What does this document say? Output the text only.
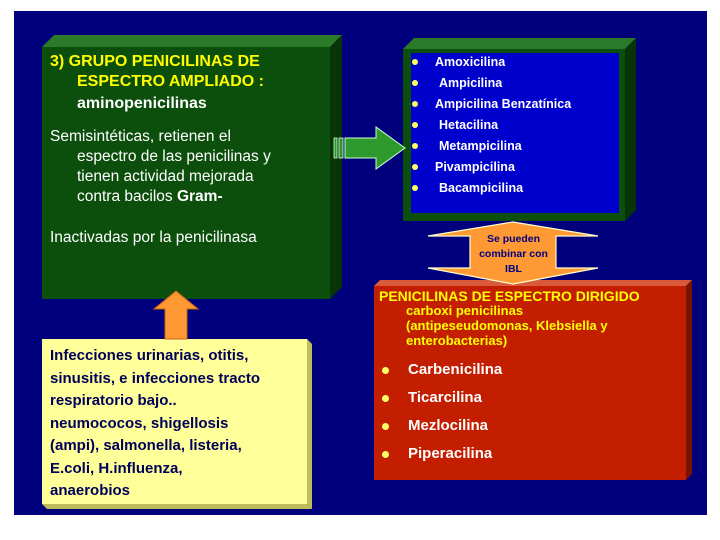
3) GRUPO PENICILINAS DE
ESPECTRO AMPLIADO :
aminopenicilinas
Semisintéticas, retienen el
espectro de las penicilinas y
tienen actividad mejorada
contra bacilos Gram-
Inactivadas por la penicilinasa
Amoxicilina
Ampicilina
Ampicilina Benzatínica
Hetacilina
Metampicilina
Pivampicilina
Bacampicilina
PENICILINAS DE ESPECTRO DIRIGIDO
carboxi penicilinas
(antipeseudomonas, Klebsiella y
enterobacterias)
Carbenicilina
Ticarcilina
Mezlocilina
Piperacilina
Infecciones urinarias, otitis,
sinusitis, e infecciones tracto
respiratorio bajo..
neumococos, shigellosis
(ampi), salmonella, listeria,
E.coli, H.influenza,
anaerobios
Se pueden
combinar con
IBL
